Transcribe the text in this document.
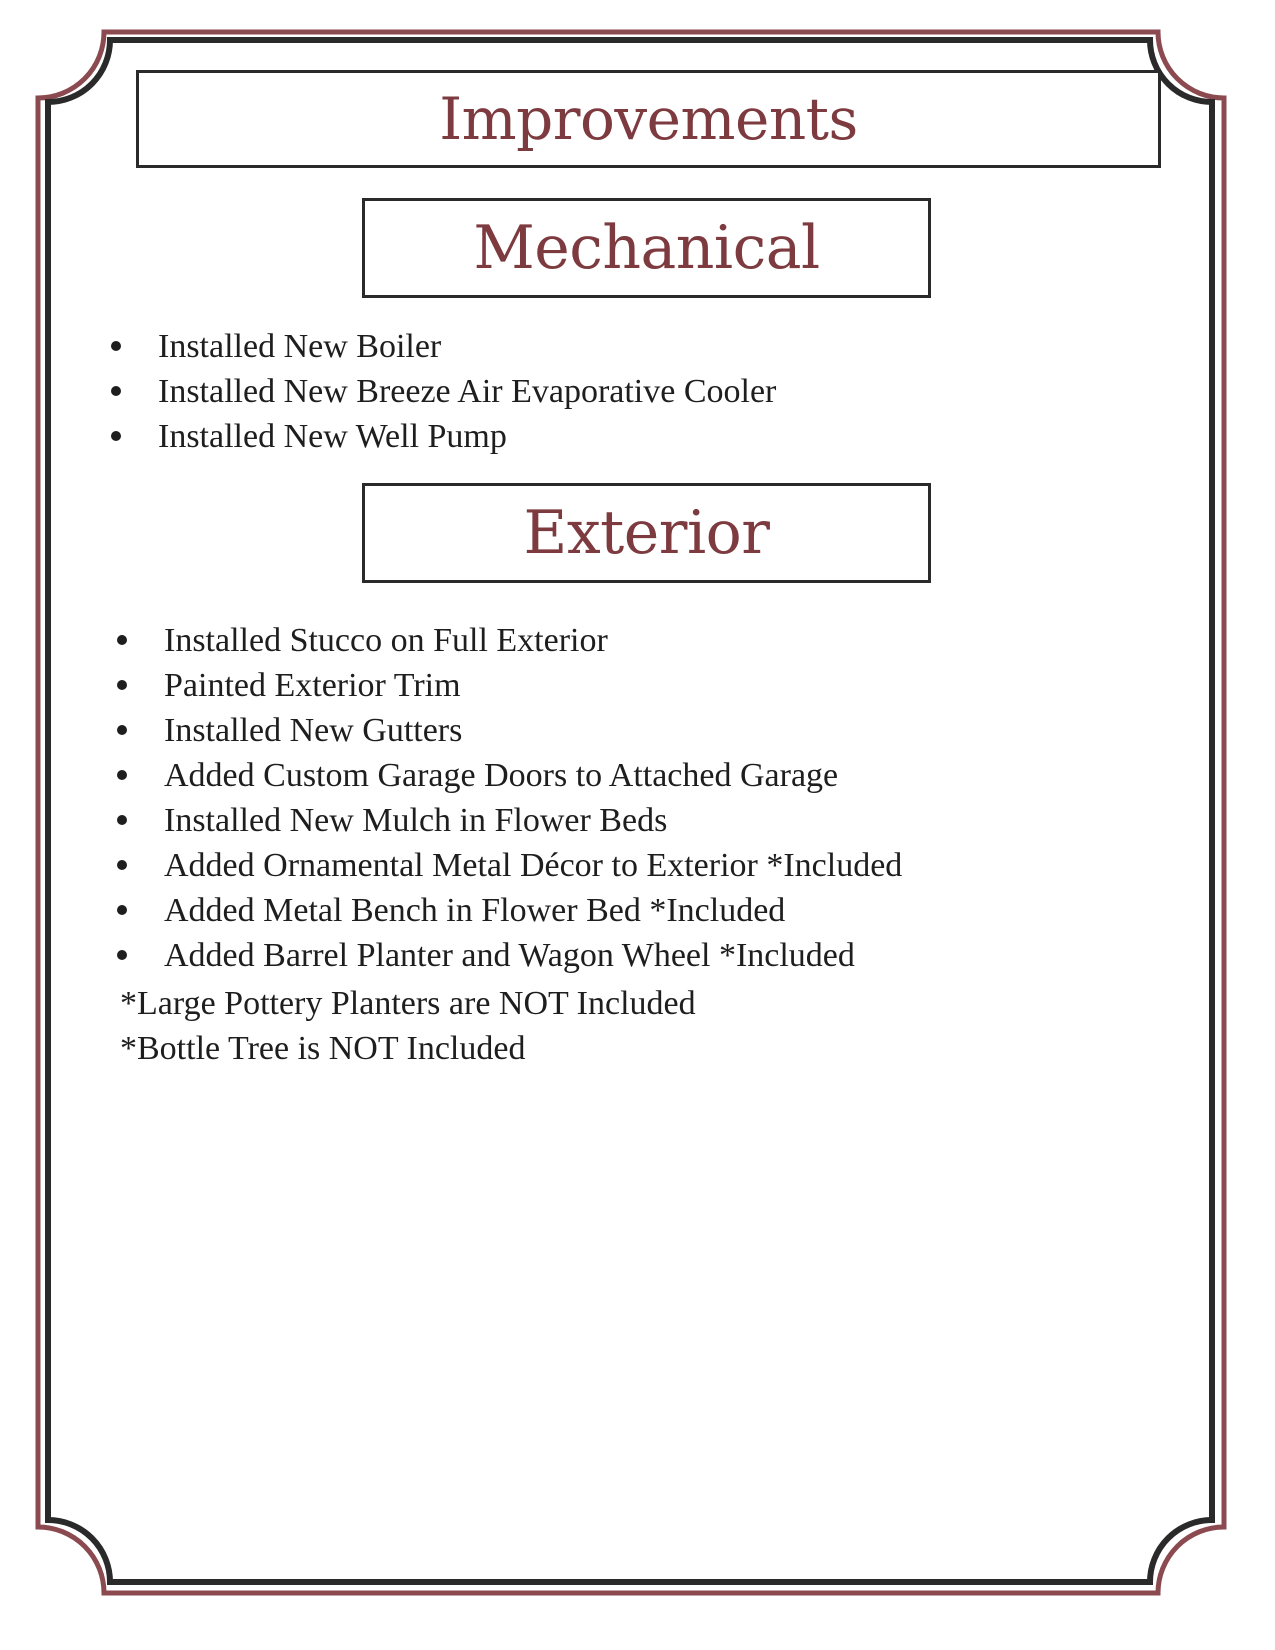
Improvements
Mechanical
Installed New Boiler
Installed New Breeze Air Evaporative Cooler
Installed New Well Pump
Exterior
Installed Stucco on Full Exterior
Painted Exterior Trim
Installed New Gutters
Added Custom Garage Doors to Attached Garage
Installed New Mulch in Flower Beds
Added Ornamental Metal Décor to Exterior *Included
Added Metal Bench in Flower Bed *Included
Added Barrel Planter and Wagon Wheel *Included
*Large Pottery Planters are NOT Included
*Bottle Tree is NOT Included
